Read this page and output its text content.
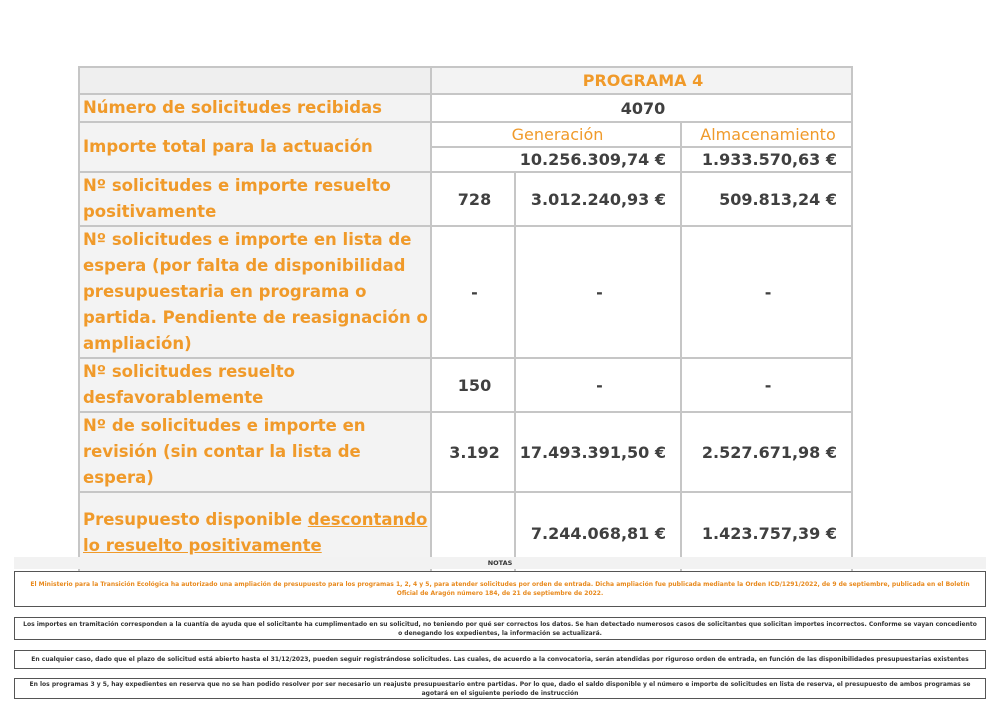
	PROGRAMA 4		
Número de solicitudes recibidas	4070		
Importe total para la actuación	Generación		Almacenamiento
	10.256.309,74 €		1.933.570,63 €
Nº solicitudes e importe resuelto positivamente	728	3.012.240,93 €	509.813,24 €
Nº solicitudes e importe en lista de espera (por falta de disponibilidad presupuestaria en programa o partida. Pendiente de reasignación o ampliación)	-	-	-
Nº solicitudes resuelto desfavorablemente	150	-	-
Nº de solicitudes e importe en revisión (sin contar la lista de espera)	3.192	17.493.391,50 €	2.527.671,98 €
Presupuesto disponible descontando lo resuelto positivamente		7.244.068,81 €	1.423.757,39 €
NOTAS
El Ministerio para la Transición Ecológica ha autorizado una ampliación de presupuesto para los programas 1, 2, 4 y 5, para atender solicitudes por orden de entrada. Dicha ampliación fue publicada mediante la Orden ICD/1291/2022, de 9 de septiembre, publicada en el Boletín Oficial de Aragón número 184, de 21 de septiembre de 2022.
Los importes en tramitación corresponden a la cuantía de ayuda que el solicitante ha cumplimentado en su solicitud, no teniendo por qué ser correctos los datos. Se han detectado numerosos casos de solicitantes que solicitan importes incorrectos. Conforme se vayan concediento o denegando los expedientes, la información se actualizará.
En cualquier caso, dado que el plazo de solicitud está abierto hasta el 31/12/2023, pueden seguir registrándose solicitudes. Las cuales, de acuerdo a la convocatoria, serán atendidas por riguroso orden de entrada, en función de las disponibilidades presupuestarias existentes
En los programas 3 y 5, hay expedientes en reserva que no se han podido resolver por ser necesario un reajuste presupuestario entre partidas. Por lo que, dado el saldo disponible y el número e importe de solicitudes en lista de reserva, el presupuesto de ambos programas se agotará en el siguiente periodo de instrucción
